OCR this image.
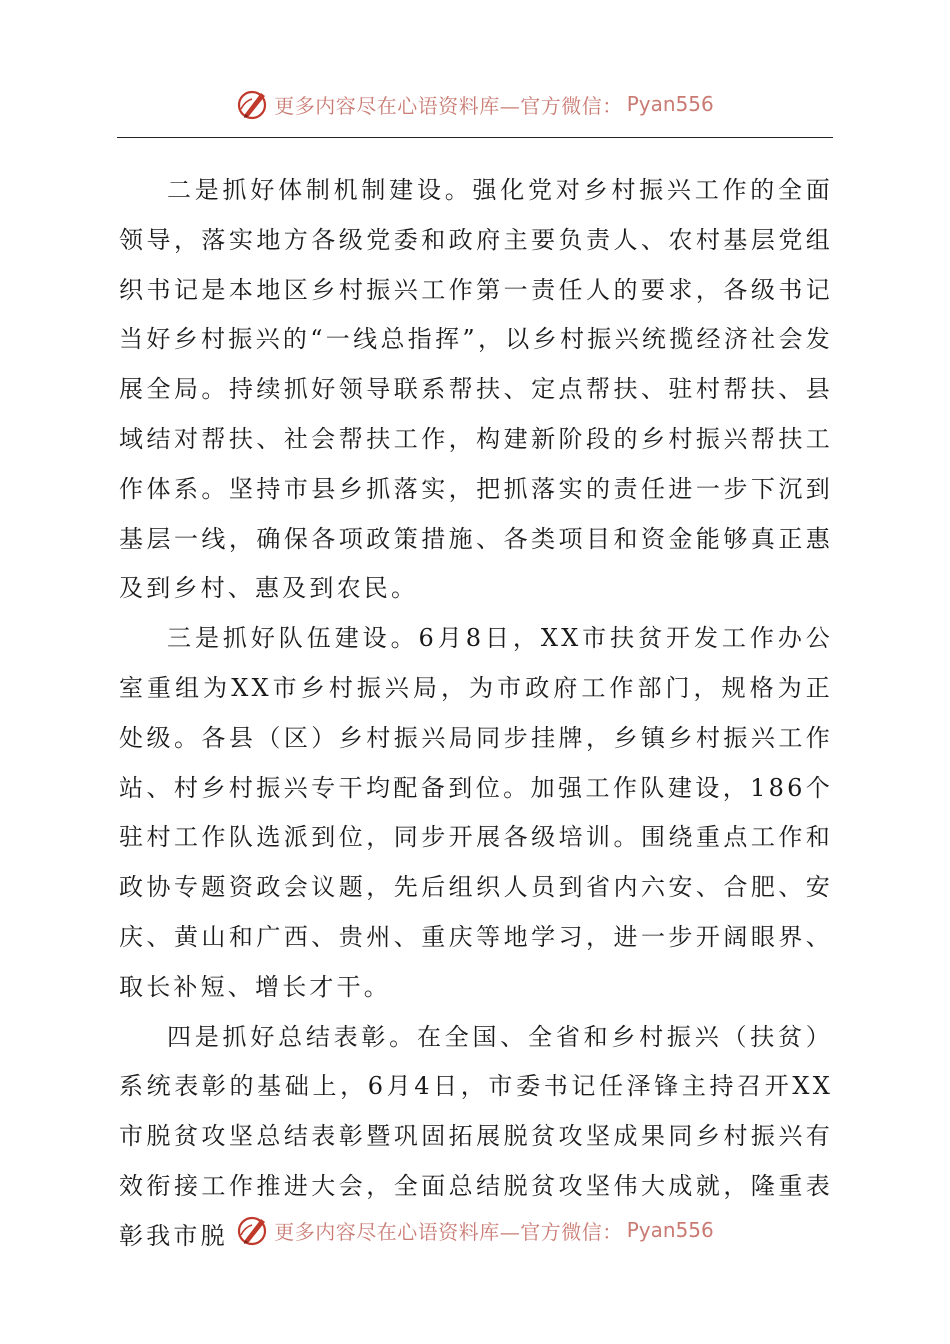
更多内容尽在心语资料库—官方微信： Pyan556

二是抓好体制机制建设。强化党对乡村振兴工作的全面领导，落实地方各级党委和政府主要负责人、农村基层党组织书记是本地区乡村振兴工作第一责任人的要求，各级书记当好乡村振兴的“一线总指挥”，以乡村振兴统揽经济社会发展全局。持续抓好领导联系帮扶、定点帮扶、驻村帮扶、县域结对帮扶、社会帮扶工作，构建新阶段的乡村振兴帮扶工作体系。坚持市县乡抓落实，把抓落实的责任进一步下沉到基层一线，确保各项政策措施、各类项目和资金能够真正惠及到乡村、惠及到农民。

三是抓好队伍建设。6月8日，XX市扶贫开发工作办公室重组为XX市乡村振兴局，为市政府工作部门，规格为正处级。各县（区）乡村振兴局同步挂牌，乡镇乡村振兴工作站、村乡村振兴专干均配备到位。加强工作队建设，186个驻村工作队选派到位，同步开展各级培训。围绕重点工作和政协专题资政会议题，先后组织人员到省内六安、合肥、安庆、黄山和广西、贵州、重庆等地学习，进一步开阔眼界、取长补短、增长才干。

四是抓好总结表彰。在全国、全省和乡村振兴（扶贫）系统表彰的基础上，6月4日，市委书记任泽锋主持召开XX市脱贫攻坚总结表彰暨巩固拓展脱贫攻坚成果同乡村振兴有效衔接工作推进大会，全面总结脱贫攻坚伟大成就，隆重表彰我市脱	更多内容尽在心语资料库—官方微信： Pyan556
